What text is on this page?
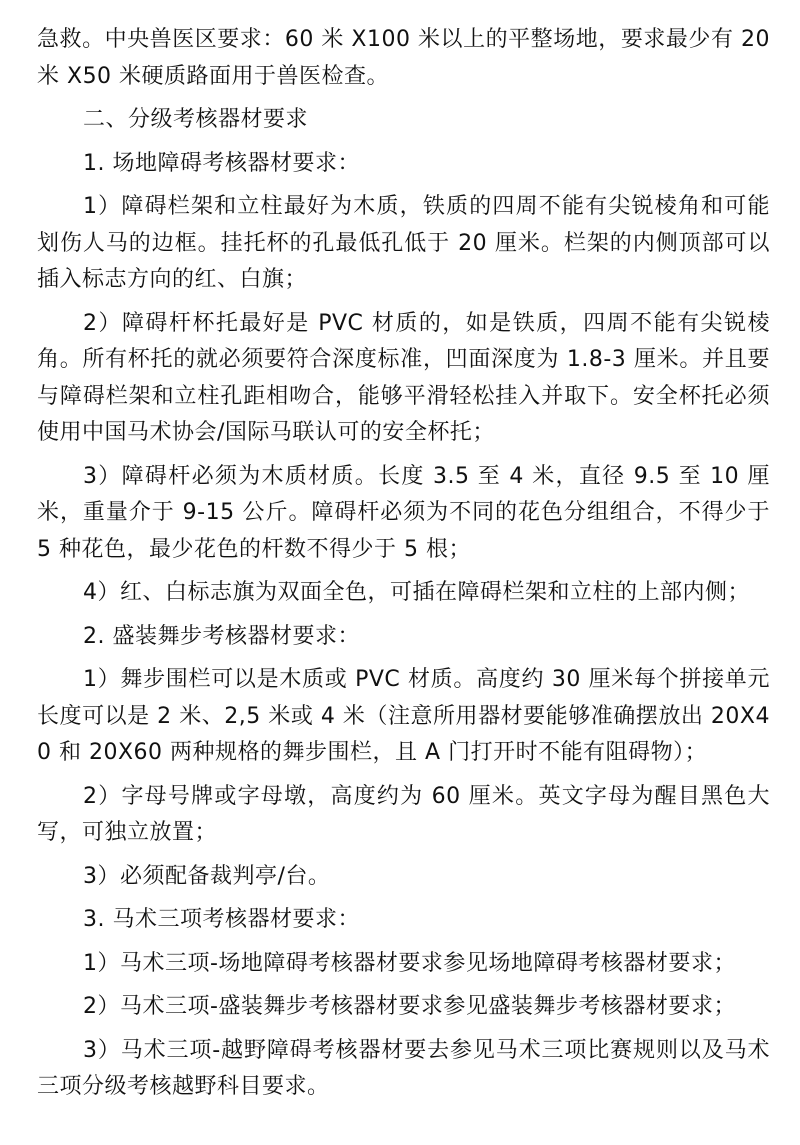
急救。中央兽医区要求：60 米 X100 米以上的平整场地，要求最少有 20 米 X50 米硬质路面用于兽医检查。

二、分级考核器材要求

1. 场地障碍考核器材要求：

1）障碍栏架和立柱最好为木质，铁质的四周不能有尖锐棱角和可能划伤人马的边框。挂托杯的孔最低孔低于 20 厘米。栏架的内侧顶部可以插入标志方向的红、白旗；

2）障碍杆杯托最好是 PVC 材质的，如是铁质，四周不能有尖锐棱角。所有杯托的就必须要符合深度标准，凹面深度为 1.8-3 厘米。并且要与障碍栏架和立柱孔距相吻合，能够平滑轻松挂入并取下。安全杯托必须使用中国马术协会/国际马联认可的安全杯托；

3）障碍杆必须为木质材质。长度 3.5 至 4 米，直径 9.5 至 10 厘米，重量介于 9-15 公斤。障碍杆必须为不同的花色分组组合，不得少于 5 种花色，最少花色的杆数不得少于 5 根；

4）红、白标志旗为双面全色，可插在障碍栏架和立柱的上部内侧；

2. 盛装舞步考核器材要求：

1）舞步围栏可以是木质或 PVC 材质。高度约 30 厘米每个拼接单元长度可以是 2 米、2,5 米或 4 米（注意所用器材要能够准确摆放出 20X40 和 20X60 两种规格的舞步围栏，且 A 门打开时不能有阻碍物）；

2）字母号牌或字母墩，高度约为 60 厘米。英文字母为醒目黑色大写，可独立放置；

3）必须配备裁判亭/台。

3. 马术三项考核器材要求：

1）马术三项-场地障碍考核器材要求参见场地障碍考核器材要求；

2）马术三项-盛装舞步考核器材要求参见盛装舞步考核器材要求；

3）马术三项-越野障碍考核器材要去参见马术三项比赛规则以及马术三项分级考核越野科目要求。
